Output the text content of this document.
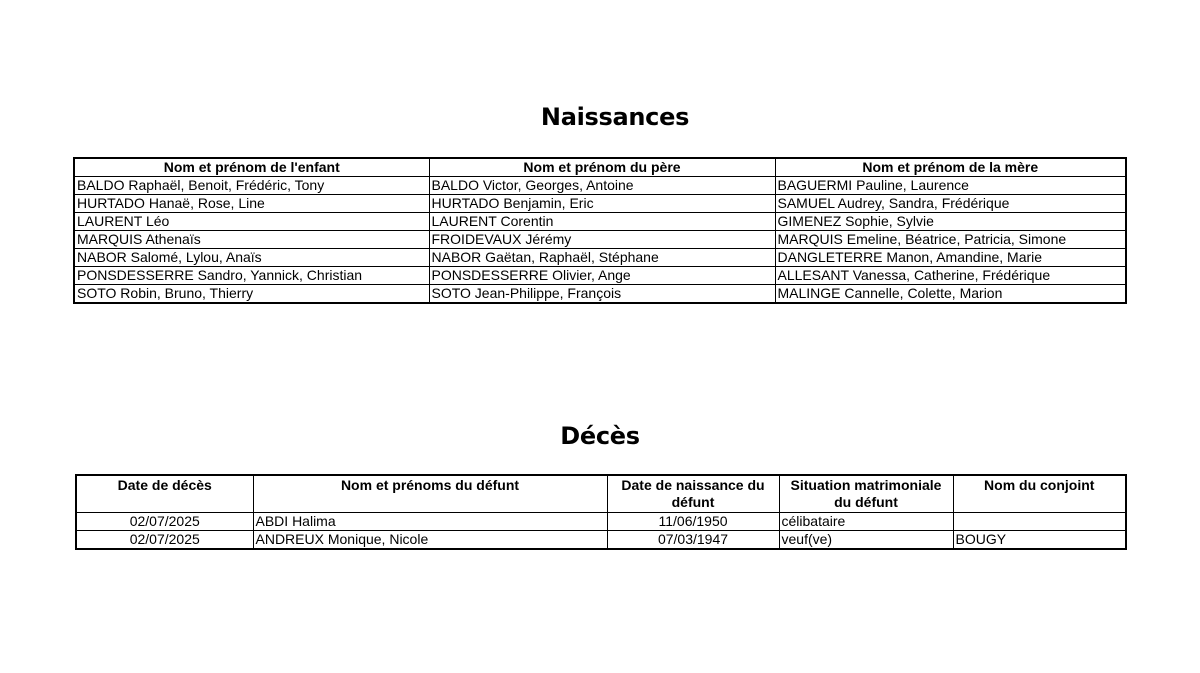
Naissances
Nom et prénom de l'enfant	Nom et prénom du père	Nom et prénom de la mère
BALDO Raphaël, Benoit, Frédéric, Tony	BALDO Victor, Georges, Antoine	BAGUERMI Pauline, Laurence
HURTADO Hanaë, Rose, Line	HURTADO Benjamin, Eric	SAMUEL Audrey, Sandra, Frédérique
LAURENT Léo	LAURENT Corentin	GIMENEZ Sophie, Sylvie
MARQUIS Athenaïs	FROIDEVAUX Jérémy	MARQUIS Emeline, Béatrice, Patricia, Simone
NABOR Salomé, Lylou, Anaïs	NABOR Gaëtan, Raphaël, Stéphane	DANGLETERRE Manon, Amandine, Marie
PONSDESSERRE Sandro, Yannick, Christian	PONSDESSERRE Olivier, Ange	ALLESANT Vanessa, Catherine, Frédérique
SOTO Robin, Bruno, Thierry	SOTO Jean-Philippe, François	MALINGE Cannelle, Colette, Marion
Décès
Date de décès	Nom et prénoms du défunt	Date de naissance du défunt	Situation matrimoniale du défunt	Nom du conjoint
02/07/2025	ABDI Halima	11/06/1950	célibataire	
02/07/2025	ANDREUX Monique, Nicole	07/03/1947	veuf(ve)	BOUGY
